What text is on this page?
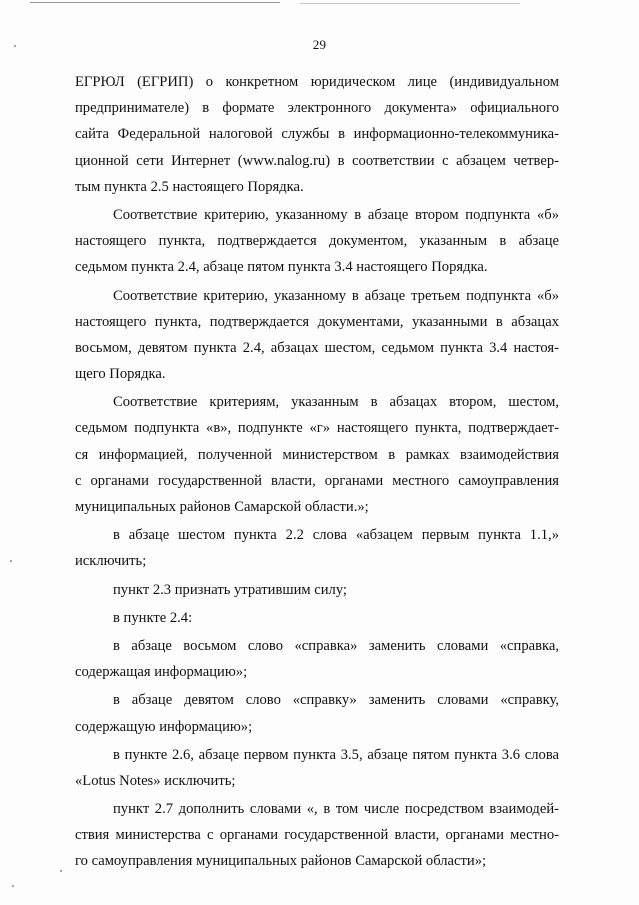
29
ЕГРЮЛ (ЕГРИП) о конкретном юридическом лице (индивидуальном
предпринимателе) в формате электронного документа» официального
сайта Федеральной налоговой службы в информационно-телекоммуника-
ционной сети Интернет (www.nalog.ru) в соответствии с абзацем четвер-
тым пункта 2.5 настоящего Порядка.
Соответствие критерию, указанному в абзаце втором подпункта «б»
настоящего пункта, подтверждается документом, указанным в абзаце
седьмом пункта 2.4, абзаце пятом пункта 3.4 настоящего Порядка.
Соответствие критерию, указанному в абзаце третьем подпункта «б»
настоящего пункта, подтверждается документами, указанными в абзацах
восьмом, девятом пункта 2.4, абзацах шестом, седьмом пункта 3.4 настоя-
щего Порядка.
Соответствие критериям, указанным в абзацах втором, шестом,
седьмом подпункта «в», подпункте «г» настоящего пункта, подтверждает-
ся информацией, полученной министерством в рамках взаимодействия
с органами государственной власти, органами местного самоуправления
муниципальных районов Самарской области.»;
в абзаце шестом пункта 2.2 слова «абзацем первым пункта 1.1,»
исключить;
пункт 2.3 признать утратившим силу;
в пункте 2.4:
в абзаце восьмом слово «справка» заменить словами «справка,
содержащая информацию»;
в абзаце девятом слово «справку» заменить словами «справку,
содержащую информацию»;
в пункте 2.6, абзаце первом пункта 3.5, абзаце пятом пункта 3.6 слова
«Lotus Notes» исключить;
пункт 2.7 дополнить словами «, в том числе посредством взаимодей-
ствия министерства с органами государственной власти, органами местно-
го самоуправления муниципальных районов Самарской области»;
